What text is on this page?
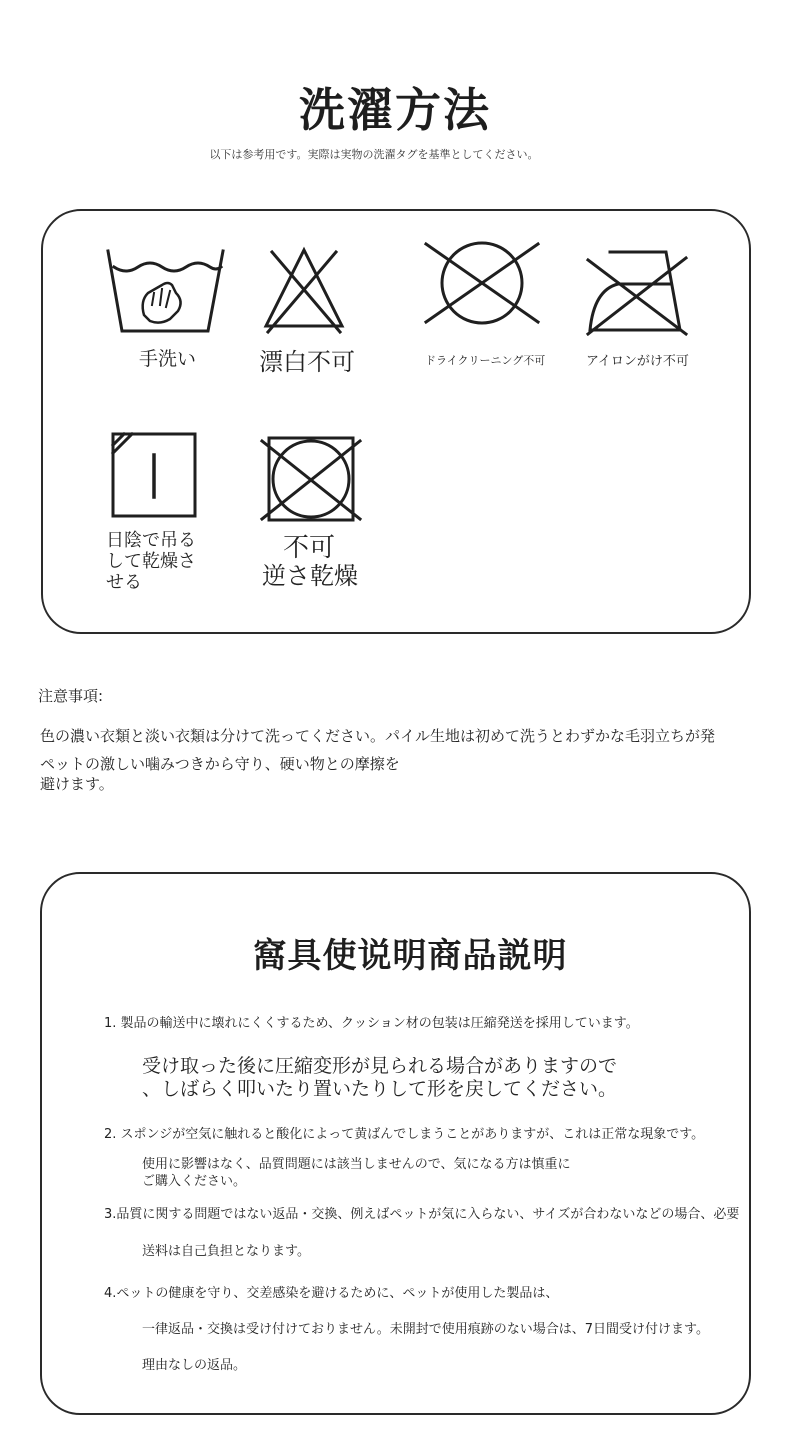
洗濯方法
以下は参考用です。実際は実物の洗濯タグを基準としてください。
手洗い	漂白不可	ドライクリーニング不可	アイロンがけ不可
日陰で吊る
して乾燥さ
せる
不可
逆さ乾燥
注意事項:
色の濃い衣類と淡い衣類は分けて洗ってください。パイル生地は初めて洗うとわずかな毛羽立ちが発
ペットの激しい噛みつきから守り、硬い物との摩擦を
避けます。
窩具使说明商品説明
1. 製品の輸送中に壊れにくくするため、クッション材の包装は圧縮発送を採用しています。
受け取った後に圧縮変形が見られる場合がありますので
、しばらく叩いたり置いたりして形を戻してください。
2. スポンジが空気に触れると酸化によって黄ばんでしまうことがありますが、これは正常な現象です。
使用に影響はなく、品質問題には該当しませんので、気になる方は慎重に
ご購入ください。
3.品質に関する問題ではない返品・交換、例えばペットが気に入らない、サイズが合わないなどの場合、必要
送料は自己負担となります。
4.ペットの健康を守り、交差感染を避けるために、ペットが使用した製品は、
一律返品・交換は受け付けておりません。未開封で使用痕跡のない場合は、7日間受け付けます。
理由なしの返品。
